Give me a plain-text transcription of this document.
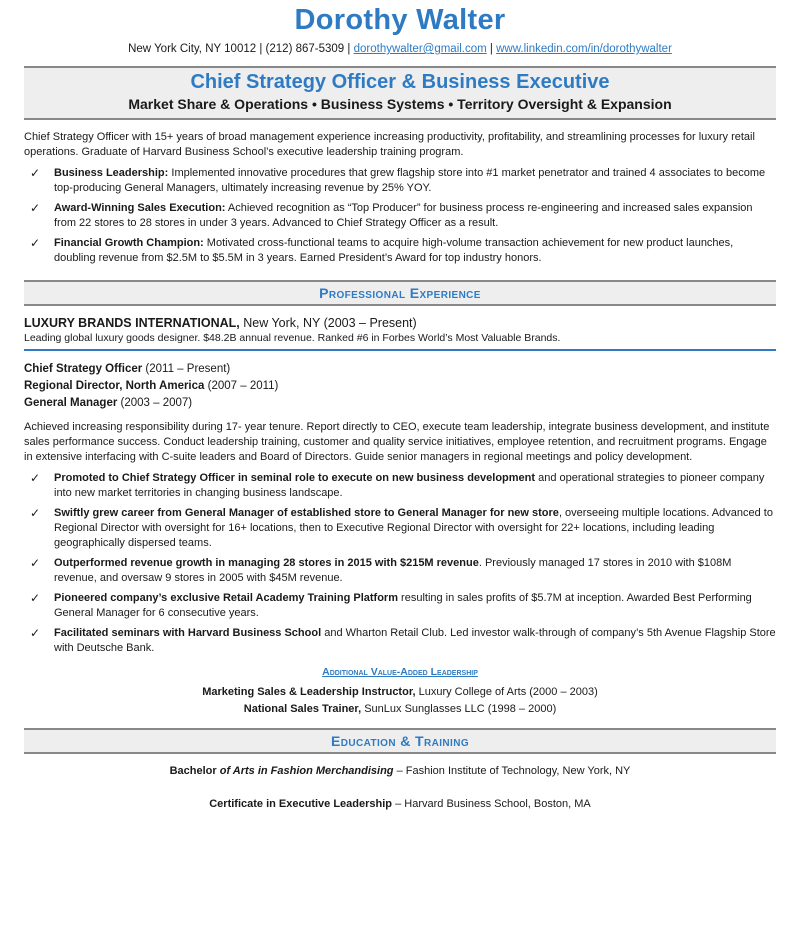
Dorothy Walter
New York City, NY 10012 | (212) 867-5309 | dorothywalter@gmail.com | www.linkedin.com/in/dorothywalter
Chief Strategy Officer & Business Executive
Market Share & Operations • Business Systems • Territory Oversight & Expansion
Chief Strategy Officer with 15+ years of broad management experience increasing productivity, profitability, and streamlining processes for luxury retail operations. Graduate of Harvard Business School’s executive leadership training program.
✓ Business Leadership: Implemented innovative procedures that grew flagship store into #1 market penetrator and trained 4 associates to become top-producing General Managers, ultimately increasing revenue by 25% YOY.
✓ Award-Winning Sales Execution: Achieved recognition as “Top Producer” for business process re-engineering and increased sales expansion from 22 stores to 28 stores in under 3 years. Advanced to Chief Strategy Officer as a result.
✓ Financial Growth Champion: Motivated cross-functional teams to acquire high-volume transaction achievement for new product launches, doubling revenue from $2.5M to $5.5M in 3 years. Earned President’s Award for top industry honors.
Professional Experience
LUXURY BRANDS INTERNATIONAL, New York, NY (2003 – Present)
Leading global luxury goods designer. $48.2B annual revenue. Ranked #6 in Forbes World’s Most Valuable Brands.
Chief Strategy Officer (2011 – Present)
Regional Director, North America (2007 – 2011)
General Manager (2003 – 2007)
Achieved increasing responsibility during 17- year tenure. Report directly to CEO, execute team leadership, integrate business development, and institute sales performance success. Conduct leadership training, customer and quality service initiatives, employee retention, and recruitment programs. Engage in extensive interfacing with C-suite leaders and Board of Directors. Guide senior managers in regional meetings and policy development.
✓ Promoted to Chief Strategy Officer in seminal role to execute on new business development and operational strategies to pioneer company into new market territories in changing business landscape.
✓ Swiftly grew career from General Manager of established store to General Manager for new store, overseeing multiple locations. Advanced to Regional Director with oversight for 16+ locations, then to Executive Regional Director with oversight for 22+ locations, including leading geographically dispersed teams.
✓ Outperformed revenue growth in managing 28 stores in 2015 with $215M revenue. Previously managed 17 stores in 2010 with $108M revenue, and oversaw 9 stores in 2005 with $45M revenue.
✓ Pioneered company’s exclusive Retail Academy Training Platform resulting in sales profits of $5.7M at inception. Awarded Best Performing General Manager for 6 consecutive years.
✓ Facilitated seminars with Harvard Business School and Wharton Retail Club. Led investor walk-through of company’s 5th Avenue Flagship Store with Deutsche Bank.
Additional Value-Added Leadership
Marketing Sales & Leadership Instructor, Luxury College of Arts (2000 – 2003)
National Sales Trainer, SunLux Sunglasses LLC (1998 – 2000)
Education & Training
Bachelor of Arts in Fashion Merchandising – Fashion Institute of Technology, New York, NY
Certificate in Executive Leadership – Harvard Business School, Boston, MA
